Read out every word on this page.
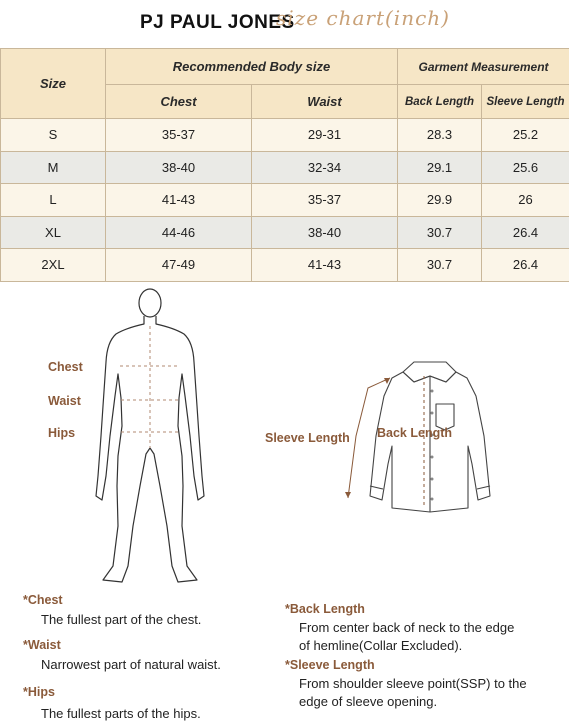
PJ PAUL JONES
size chart(inch)
Size	Recommended Body size		Garment Measurement	
	Chest	Waist	Back Length	Sleeve Length
S	35-37	29-31	28.3	25.2
M	38-40	32-34	29.1	25.6
L	41-43	35-37	29.9	26
XL	44-46	38-40	30.7	26.4
2XL	47-49	41-43	30.7	26.4
Chest
Waist
Hips	Sleeve Length Back Length
*Chest
The fullest part of the chest.
*Waist
Narrowest part of natural waist.
*Hips
The fullest parts of the hips.
*Back Length
From center back of neck to the edge
of hemline(Collar Excluded).
*Sleeve Length
From shoulder sleeve point(SSP) to the
edge of sleeve opening.
